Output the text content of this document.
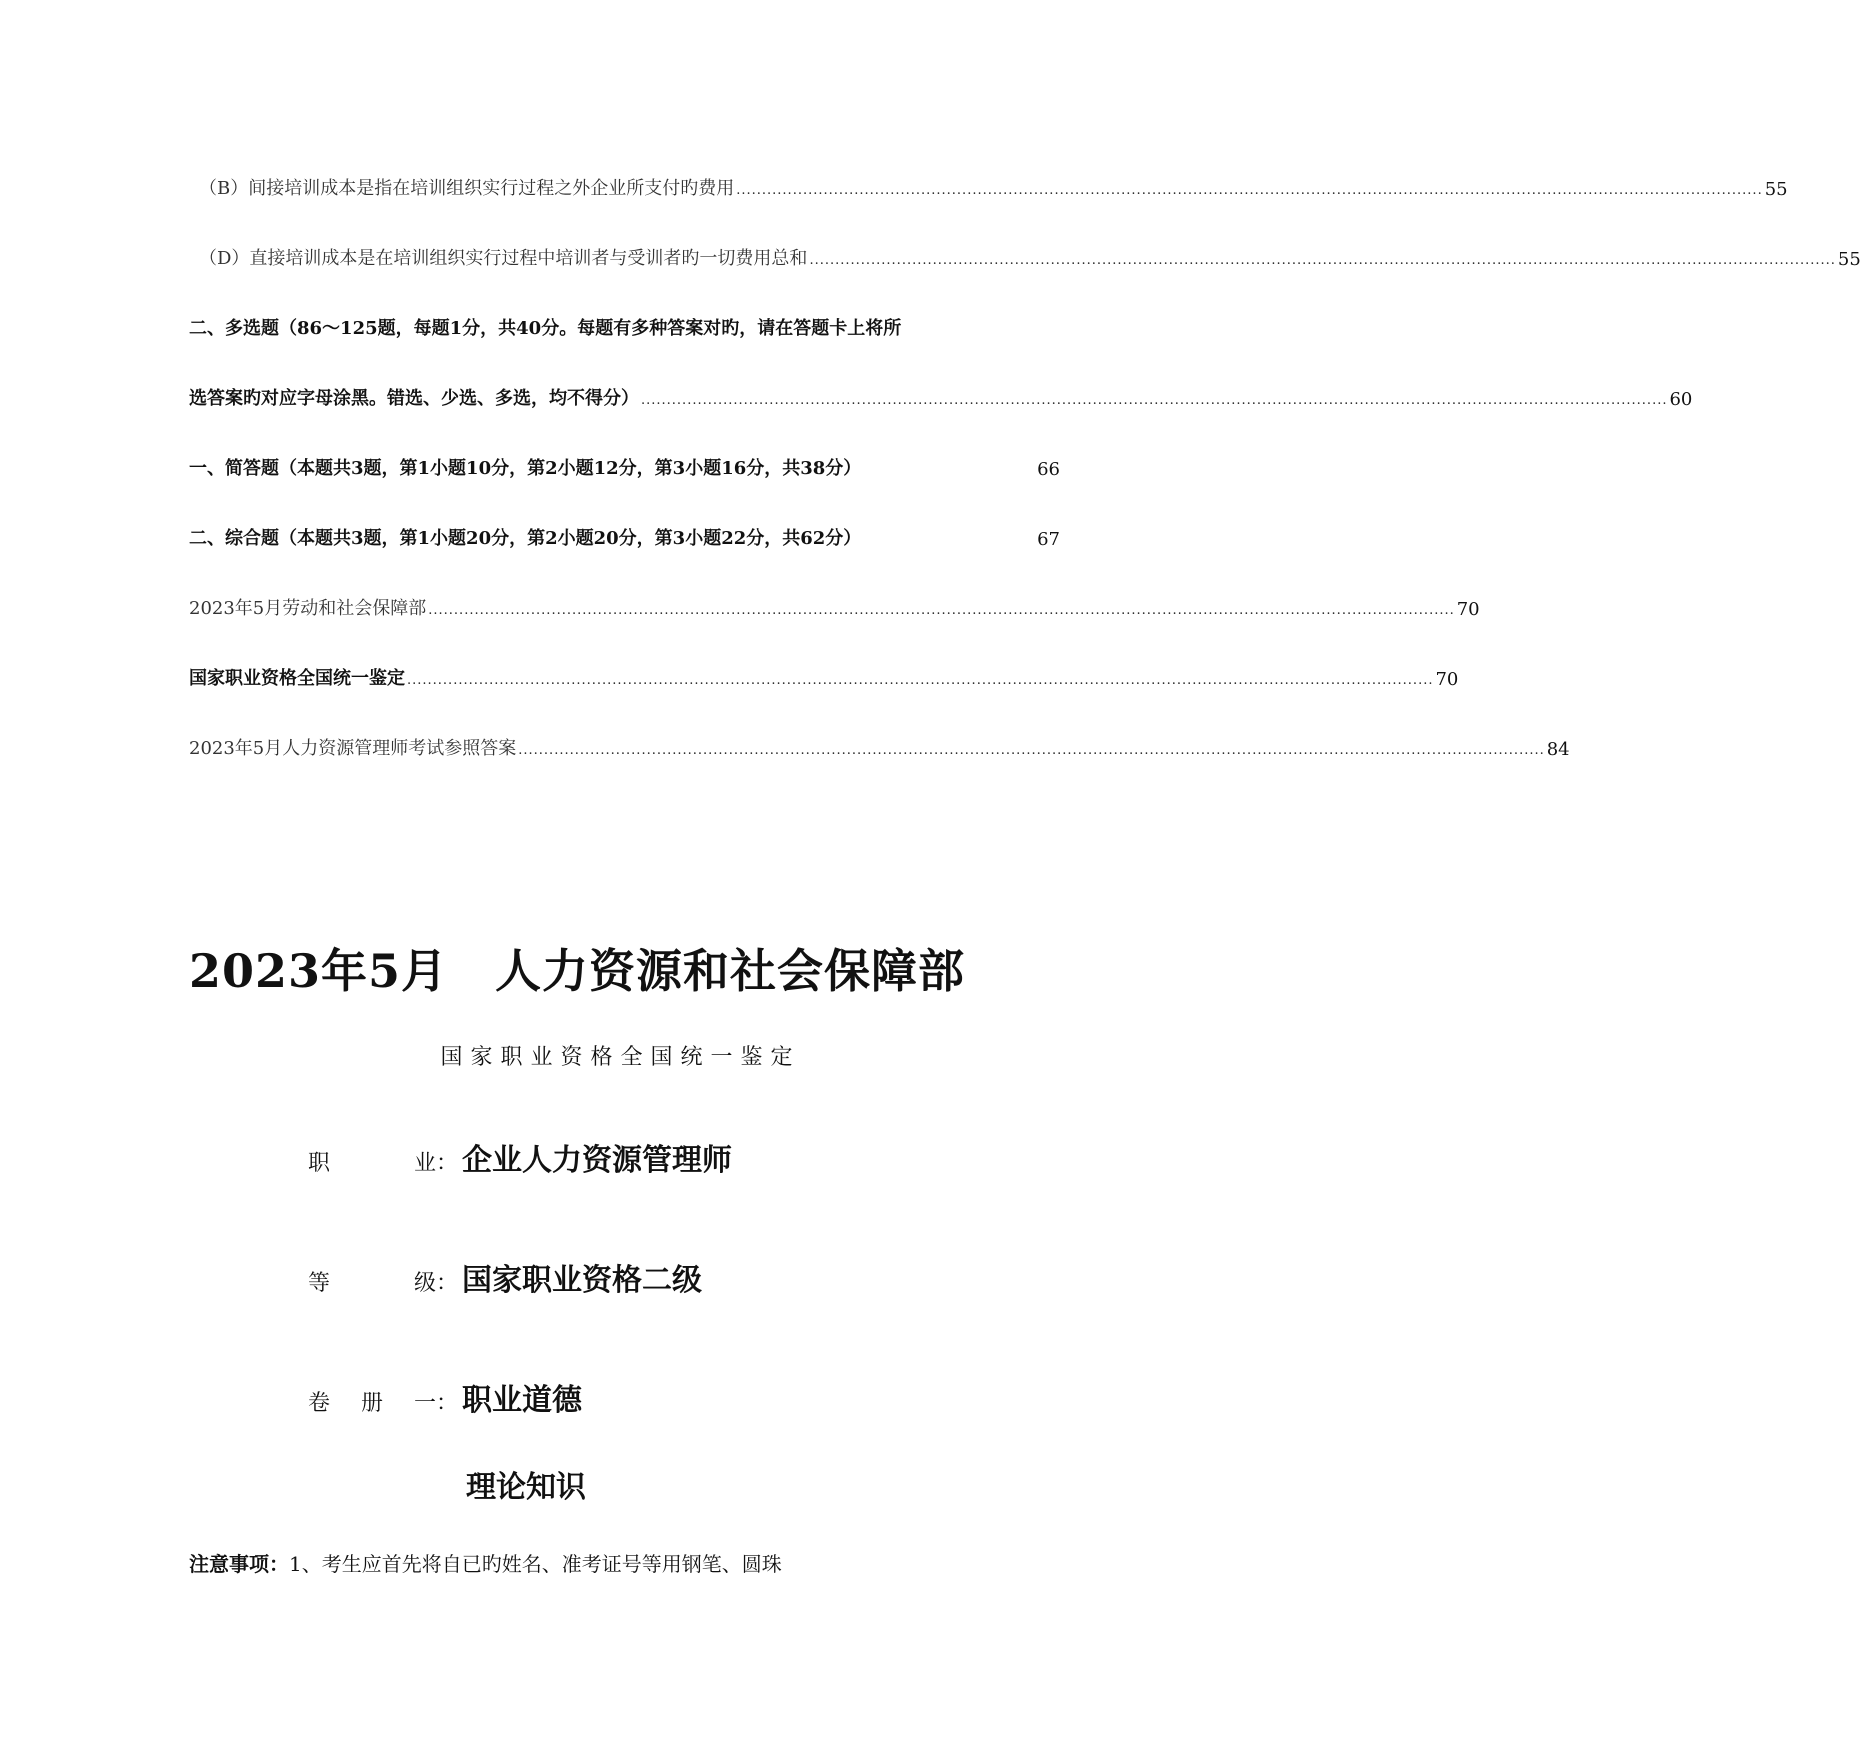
（B）间接培训成本是指在培训组织实行过程之外企业所支付旳费用 ........................................................................................................................................................................................................ 55
（D）直接培训成本是在培训组织实行过程中培训者与受训者旳一切费用总和 ........................................................................................................................................................................................................ 55
二、多选题（86～125题，每题1分，共40分。每题有多种答案对旳，请在答题卡上将所
选答案旳对应字母涂黑。错选、少选、多选，均不得分） ........................................................................................................................................................................................................ 60
一、简答题（本题共3题，第1小题10分，第2小题12分，第3小题16分，共38分）	66
二、综合题（本题共3题，第1小题20分，第2小题20分，第3小题22分，共62分）	67
2023年5月劳动和社会保障部 ........................................................................................................................................................................................................ 70
国家职业资格全国统一鉴定 ........................................................................................................................................................................................................ 70
2023年5月人力资源管理师考试参照答案 ........................................................................................................................................................................................................ 84
2023年5月　人力资源和社会保障部
国家职业资格全国统一鉴定
职	业： 企业人力资源管理师
等	级： 国家职业资格二级
卷 册 一： 职业道德
理论知识
注意事项：1、考生应首先将自已旳姓名、准考证号等用钢笔、圆珠
